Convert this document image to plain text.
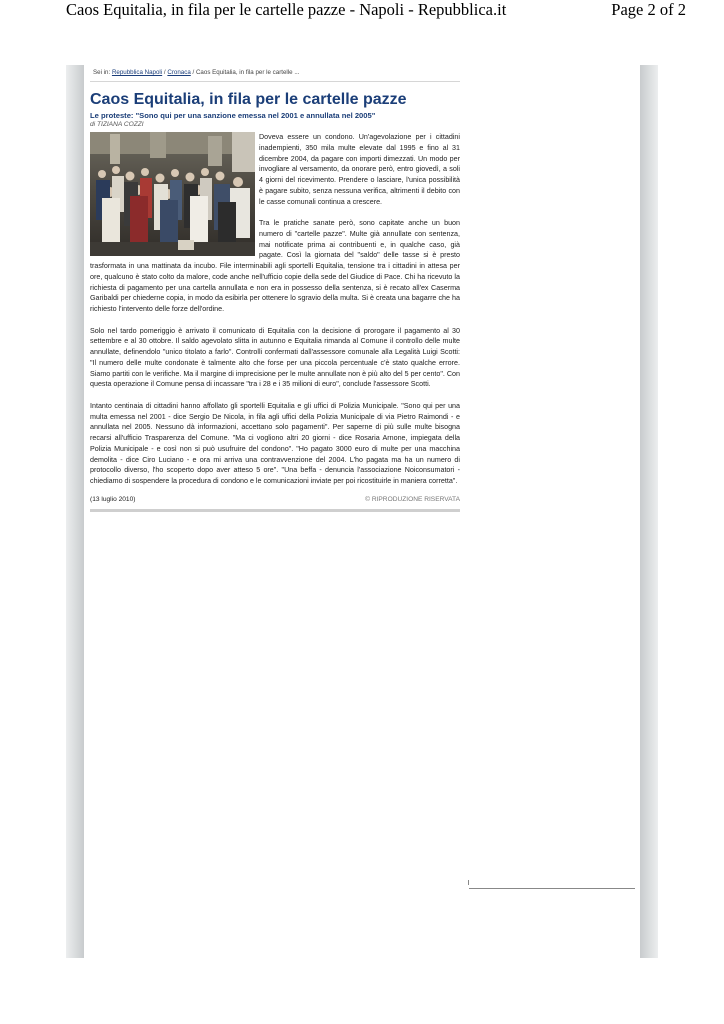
Caos Equitalia, in fila per le cartelle pazze - Napoli - Repubblica.it	Page 2 of 2
Sei in: Repubblica Napoli / Cronaca / Caos Equitalia, in fila per le cartelle ...
Caos Equitalia, in fila per le cartelle pazze
Le proteste: "Sono qui per una sanzione emessa nel 2001 e annullata nel 2005"
di TIZIANA COZZI

Doveva essere un condono. Un'agevolazione per i cittadini inadempienti, 350 mila multe elevate dal 1995 e fino al 31 dicembre 2004, da pagare con importi dimezzati. Un modo per invogliare al versamento, da onorare però, entro giovedì, a soli 4 giorni del ricevimento. Prendere o lasciare, l'unica possibilità è pagare subito, senza nessuna verifica, altrimenti il debito con le casse comunali continua a crescere.

Tra le pratiche sanate però, sono capitate anche un buon numero di "cartelle pazze". Multe già annullate con sentenza, mai notificate prima ai contribuenti e, in qualche caso, già pagate. Così la giornata del "saldo" delle tasse si è presto trasformata in una mattinata da incubo. File interminabili agli sportelli Equitalia, tensione tra i cittadini in attesa per ore, qualcuno è stato colto da malore, code anche nell'ufficio copie della sede del Giudice di Pace. Chi ha ricevuto la richiesta di pagamento per una cartella annullata e non era in possesso della sentenza, si è recato all'ex Caserma Garibaldi per chiederne copia, in modo da esibirla per ottenere lo sgravio della multa. Si è creata una bagarre che ha richiesto l'intervento delle forze dell'ordine.

Solo nel tardo pomeriggio è arrivato il comunicato di Equitalia con la decisione di prorogare il pagamento al 30 settembre e al 30 ottobre. Il saldo agevolato slitta in autunno e Equitalia rimanda al Comune il controllo delle multe annullate, definendolo "unico titolato a farlo". Controlli confermati dall'assessore comunale alla Legalità Luigi Scotti: "Il numero delle multe condonate è talmente alto che forse per una piccola percentuale c'è stato qualche errore. Siamo partiti con le verifiche. Ma il margine di imprecisione per le multe annullate non è più alto del 5 per cento". Con questa operazione il Comune pensa di incassare "tra i 28 e i 35 milioni di euro", conclude l'assessore Scotti.

Intanto centinaia di cittadini hanno affollato gli sportelli Equitalia e gli uffici di Polizia Municipale. "Sono qui per una multa emessa nel 2001 - dice Sergio De Nicola, in fila agli uffici della Polizia Municipale di via Pietro Raimondi - e annullata nel 2005. Nessuno dà informazioni, accettano solo pagamenti". Per saperne di più sulle multe bisogna recarsi all'ufficio Trasparenza del Comune. "Ma ci vogliono altri 20 giorni - dice Rosaria Arnone, impiegata della Polizia Municipale - e così non si può usufruire del condono". "Ho pagato 3000 euro di multe per una macchina demolita - dice Ciro Luciano - e ora mi arriva una contravvenzione del 2004. L'ho pagata ma ha un numero di protocollo diverso, l'ho scoperto dopo aver atteso 5 ore". "Una beffa - denuncia l'associazione Noiconsumatori - chiediamo di sospendere la procedura di condono e le comunicazioni inviate per poi ricostituirle in maniera corretta".

(13 luglio 2010)	© RIPRODUZIONE RISERVATA
